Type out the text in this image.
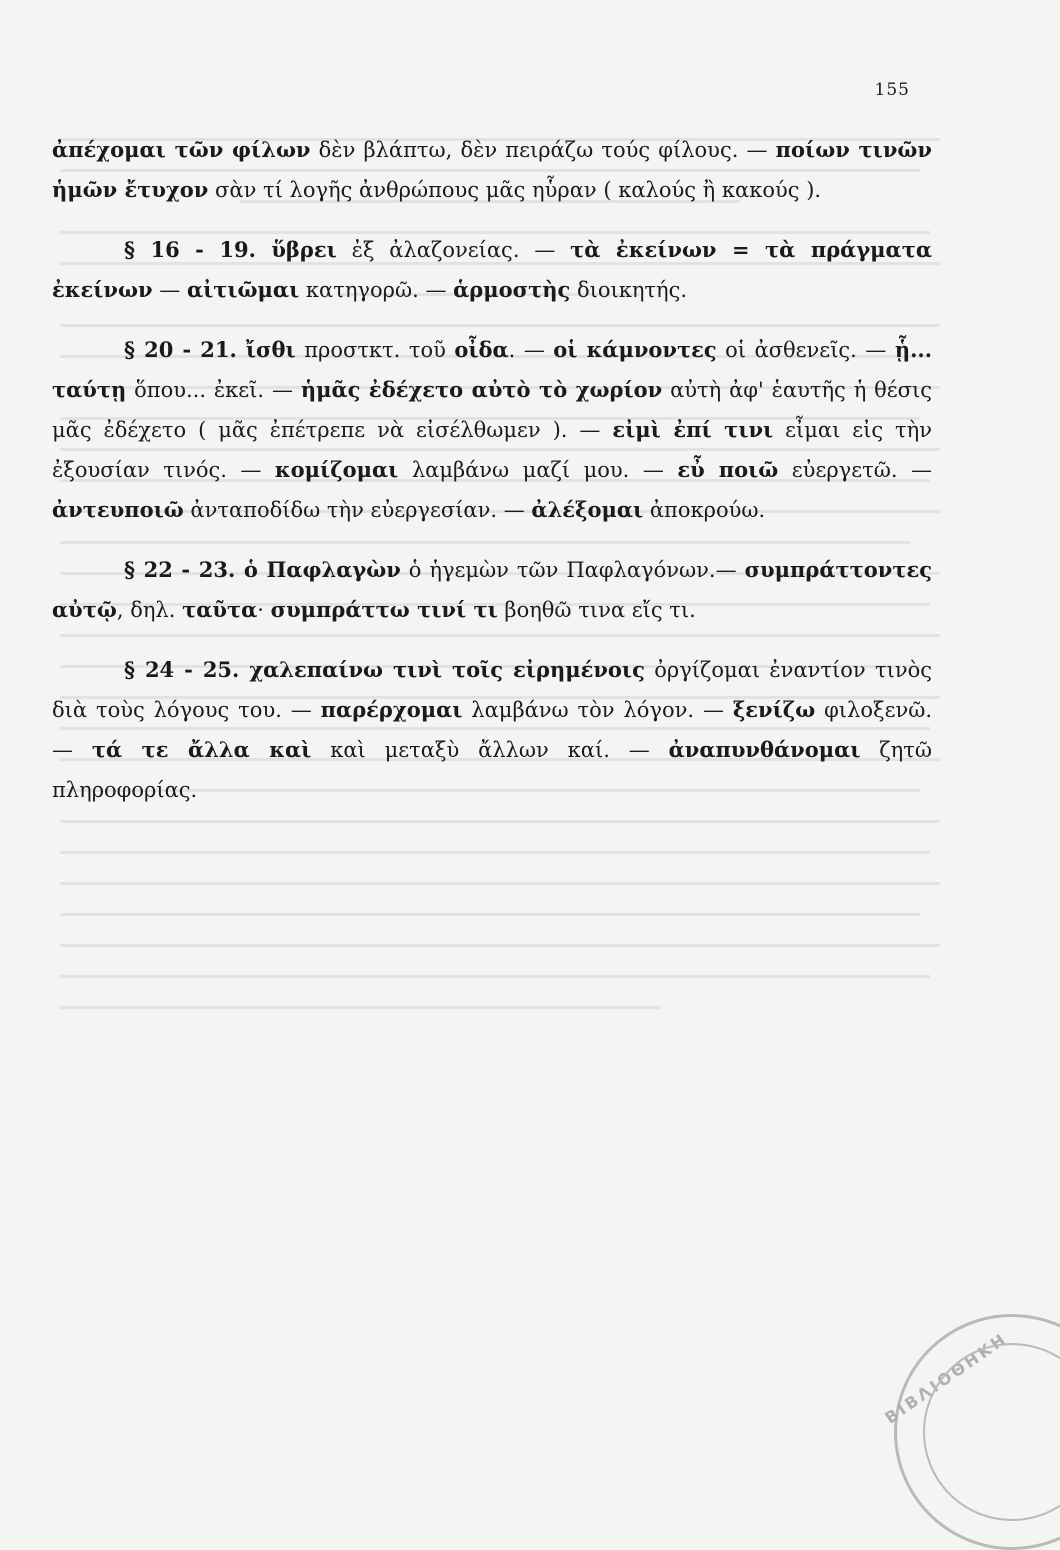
155

ἀπέχομαι τῶν φίλων δὲν βλάπτω, δὲν πειράζω τούς φίλους. — ποίων τινῶν ἡμῶν ἔτυχον σὰν τί λογῆς ἀνθρώπους μᾶς ηὗραν ( καλούς ἢ κακούς ).

§ 16 - 19. ὕβρει ἐξ ἀλαζονείας. — τὰ ἐκείνων = τὰ πράγματα ἐκείνων — αἰτιῶμαι κατηγορῶ. — ἁρμοστὴς διοικητής.

§ 20 - 21. ἴσθι προστκτ. τοῦ οἶδα. — οἱ κάμνοντες οἱ ἀσθενεῖς. — ᾗ... ταύτῃ ὅπου... ἐκεῖ. — ἡμᾶς ἐδέχετο αὐτὸ τὸ χωρίον αὐτὴ ἀφ' ἑαυτῆς ἡ θέσις μᾶς ἐδέχετο ( μᾶς ἐπέτρεπε νὰ εἰσέλθωμεν ). — εἰμὶ ἐπί τινι εἶμαι εἰς τὴν ἐξουσίαν τινός. — κομίζομαι λαμβάνω μαζί μου. — εὖ ποιῶ εὐεργετῶ. — ἀντευποιῶ ἀνταποδίδω τὴν εὐεργεσίαν. — ἀλέξομαι ἀποκρούω.

§ 22 - 23. ὁ Παφλαγὼν ὁ ἡγεμὼν τῶν Παφλαγόνων.— συμπράττοντες αὐτῷ, δηλ. ταῦτα· συμπράττω τινί τι βοηθῶ τινα εἴς τι.

§ 24 - 25. χαλεπαίνω τινὶ τοῖς εἰρημένοις ὀργίζομαι ἐναντίον τινὸς διὰ τοὺς λόγους του. — παρέρχομαι λαμβάνω τὸν λόγον. — ξενίζω φιλοξενῶ. — τά τε ἄλλα καὶ καὶ μεταξὺ ἄλλων καί. — ἀναπυνθάνομαι ζητῶ πληροφορίας.

ΒΙΒΛΙΟΘΗΚΗ
